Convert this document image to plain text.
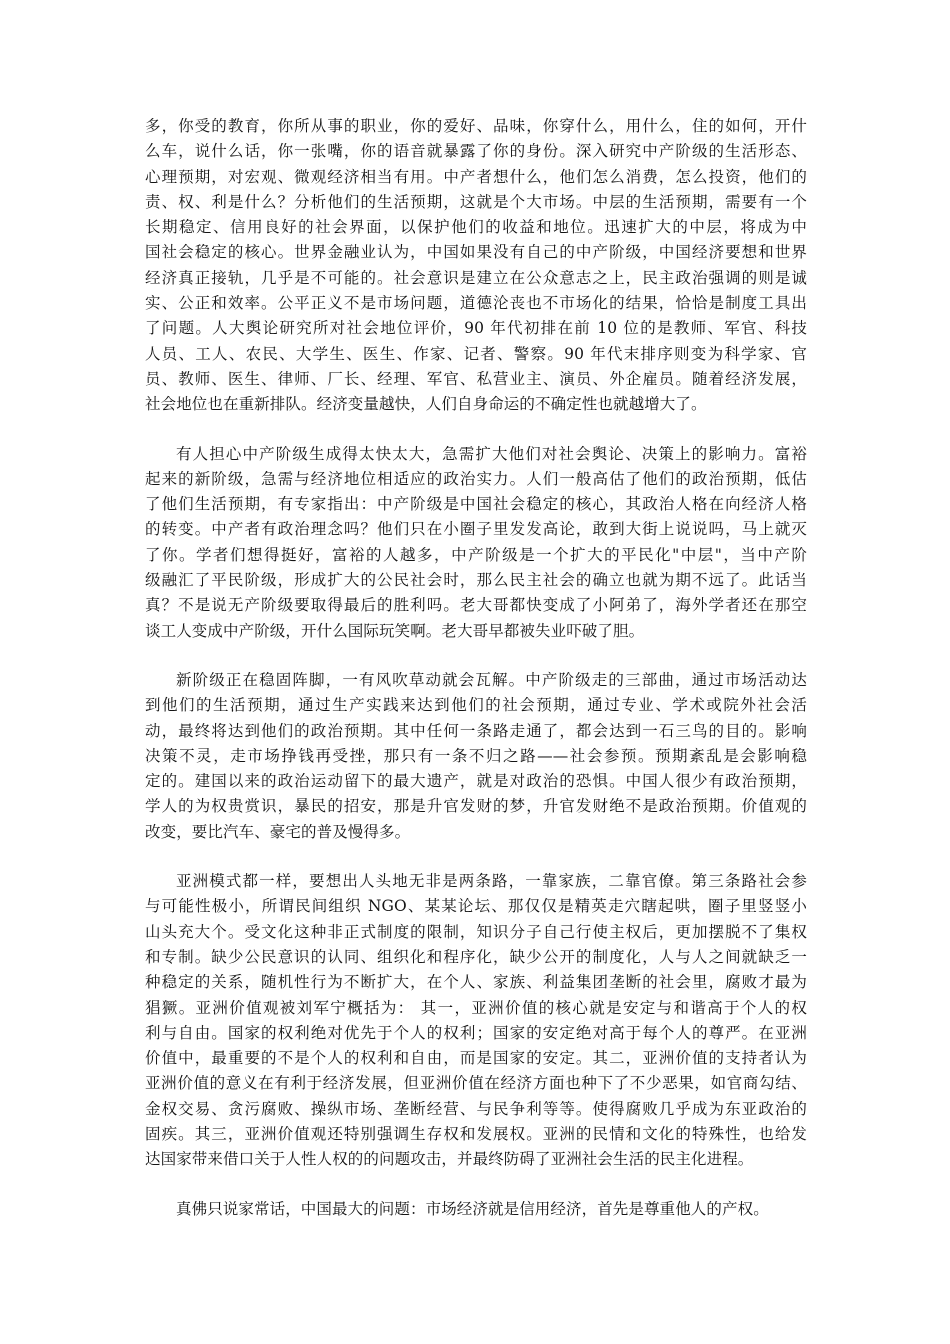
多，你受的教育，你所从事的职业，你的爱好、品味，你穿什么，用什么，住的如何，开什
么车，说什么话，你一张嘴，你的语音就暴露了你的身份。深入研究中产阶级的生活形态、
心理预期，对宏观、微观经济相当有用。中产者想什么，他们怎么消费，怎么投资，他们的
责、权、利是什么？分析他们的生活预期，这就是个大市场。中层的生活预期，需要有一个
长期稳定、信用良好的社会界面，以保护他们的收益和地位。迅速扩大的中层，将成为中
国社会稳定的核心。世界金融业认为，中国如果没有自己的中产阶级，中国经济要想和世界
经济真正接轨，几乎是不可能的。社会意识是建立在公众意志之上，民主政治强调的则是诚
实、公正和效率。公平正义不是市场问题，道德沦丧也不市场化的结果，恰恰是制度工具出
了问题。人大舆论研究所对社会地位评价，90 年代初排在前 10 位的是教师、军官、科技
人员、工人、农民、大学生、医生、作家、记者、警察。90 年代末排序则变为科学家、官
员、教师、医生、律师、厂长、经理、军官、私营业主、演员、外企雇员。随着经济发展，
社会地位也在重新排队。经济变量越快，人们自身命运的不确定性也就越增大了。
有人担心中产阶级生成得太快太大，急需扩大他们对社会舆论、决策上的影响力。富裕
起来的新阶级，急需与经济地位相适应的政治实力。人们一般高估了他们的政治预期，低估
了他们生活预期，有专家指出：中产阶级是中国社会稳定的核心，其政治人格在向经济人格
的转变。中产者有政治理念吗？他们只在小圈子里发发高论，敢到大街上说说吗，马上就灭
了你。学者们想得挺好，富裕的人越多，中产阶级是一个扩大的平民化"中层"，当中产阶
级融汇了平民阶级，形成扩大的公民社会时，那么民主社会的确立也就为期不远了。此话当
真？不是说无产阶级要取得最后的胜利吗。老大哥都快变成了小阿弟了，海外学者还在那空
谈工人变成中产阶级，开什么国际玩笑啊。老大哥早都被失业吓破了胆。
新阶级正在稳固阵脚，一有风吹草动就会瓦解。中产阶级走的三部曲，通过市场活动达
到他们的生活预期，通过生产实践来达到他们的社会预期，通过专业、学术或院外社会活
动，最终将达到他们的政治预期。其中任何一条路走通了，都会达到一石三鸟的目的。影响
决策不灵，走市场挣钱再受挫，那只有一条不归之路——社会参预。预期紊乱是会影响稳
定的。建国以来的政治运动留下的最大遗产，就是对政治的恐惧。中国人很少有政治预期，
学人的为权贵赏识，暴民的招安，那是升官发财的梦，升官发财绝不是政治预期。价值观的
改变，要比汽车、豪宅的普及慢得多。
亚洲模式都一样，要想出人头地无非是两条路，一靠家族，二靠官僚。第三条路社会参
与可能性极小，所谓民间组织 NGO、某某论坛、那仅仅是精英走穴瞎起哄，圈子里竖竖小
山头充大个。受文化这种非正式制度的限制，知识分子自己行使主权后，更加摆脱不了集权
和专制。缺少公民意识的认同、组织化和程序化，缺少公开的制度化，人与人之间就缺乏一
种稳定的关系，随机性行为不断扩大，在个人、家族、利益集团垄断的社会里，腐败才最为
猖獗。亚洲价值观被刘军宁概括为： 其一，亚洲价值的核心就是安定与和谐高于个人的权
利与自由。国家的权利绝对优先于个人的权利；国家的安定绝对高于每个人的尊严。在亚洲
价值中，最重要的不是个人的权利和自由，而是国家的安定。其二，亚洲价值的支持者认为
亚洲价值的意义在有利于经济发展，但亚洲价值在经济方面也种下了不少恶果，如官商勾结、
金权交易、贪污腐败、操纵市场、垄断经营、与民争利等等。使得腐败几乎成为东亚政治的
固疾。其三，亚洲价值观还特别强调生存权和发展权。亚洲的民情和文化的特殊性，也给发
达国家带来借口关于人性人权的的问题攻击，并最终防碍了亚洲社会生活的民主化进程。
真佛只说家常话，中国最大的问题：市场经济就是信用经济，首先是尊重他人的产权。
